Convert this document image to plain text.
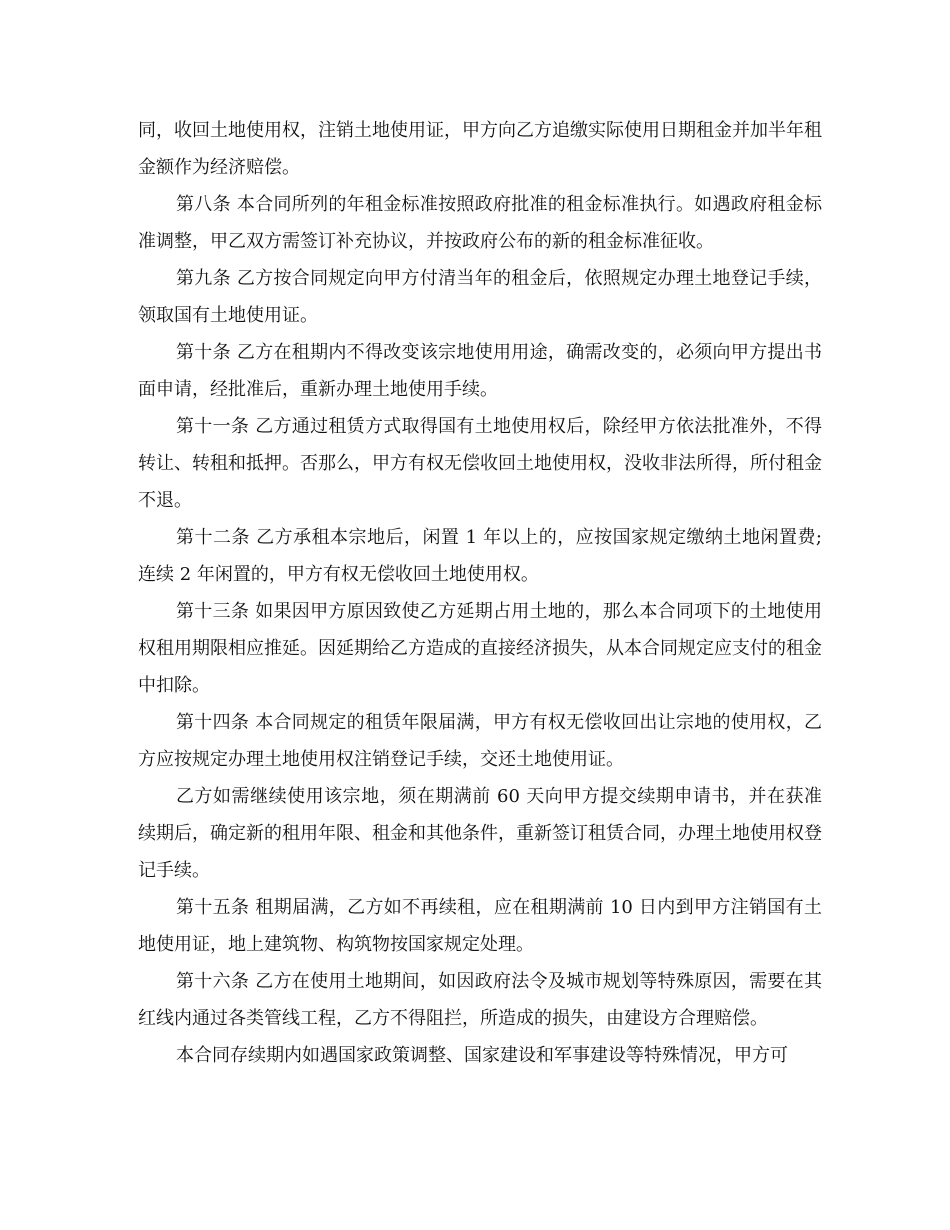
同，收回土地使用权，注销土地使用证，甲方向乙方追缴实际使用日期租金并加半年租金额作为经济赔偿。

第八条 本合同所列的年租金标准按照政府批准的租金标准执行。如遇政府租金标准调整，甲乙双方需签订补充协议，并按政府公布的新的租金标准征收。

第九条 乙方按合同规定向甲方付清当年的租金后，依照规定办理土地登记手续，领取国有土地使用证。

第十条 乙方在租期内不得改变该宗地使用用途，确需改变的，必须向甲方提出书面申请，经批准后，重新办理土地使用手续。

第十一条 乙方通过租赁方式取得国有土地使用权后，除经甲方依法批准外，不得转让、转租和抵押。否那么，甲方有权无偿收回土地使用权，没收非法所得，所付租金不退。

第十二条 乙方承租本宗地后，闲置 1 年以上的，应按国家规定缴纳土地闲置费;连续 2 年闲置的，甲方有权无偿收回土地使用权。

第十三条 如果因甲方原因致使乙方延期占用土地的，那么本合同项下的土地使用权租用期限相应推延。因延期给乙方造成的直接经济损失，从本合同规定应支付的租金中扣除。

第十四条 本合同规定的租赁年限届满，甲方有权无偿收回出让宗地的使用权，乙方应按规定办理土地使用权注销登记手续，交还土地使用证。

乙方如需继续使用该宗地，须在期满前 60 天向甲方提交续期申请书，并在获准续期后，确定新的租用年限、租金和其他条件，重新签订租赁合同，办理土地使用权登记手续。

第十五条 租期届满，乙方如不再续租，应在租期满前 10 日内到甲方注销国有土地使用证，地上建筑物、构筑物按国家规定处理。

第十六条 乙方在使用土地期间，如因政府法令及城市规划等特殊原因，需要在其红线内通过各类管线工程，乙方不得阻拦，所造成的损失，由建设方合理赔偿。

本合同存续期内如遇国家政策调整、国家建设和军事建设等特殊情况，甲方可
